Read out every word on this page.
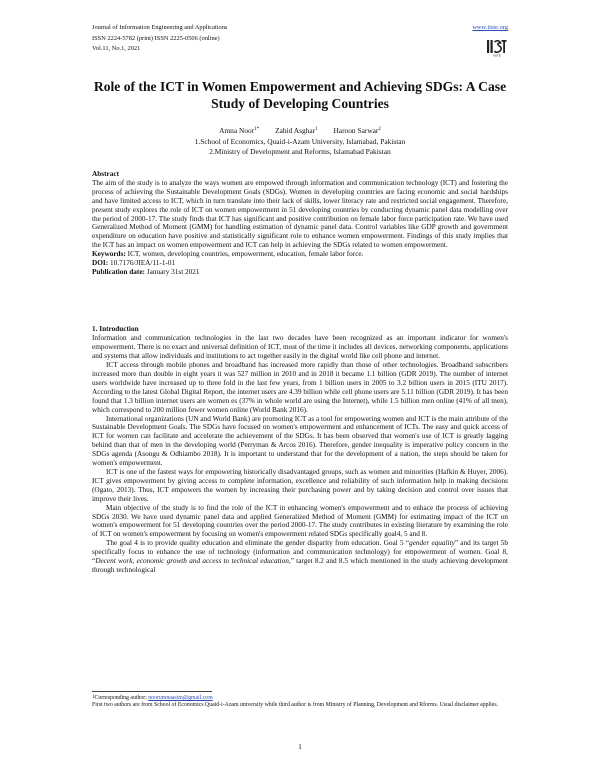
Journal of Information Engineering and Applications
ISSN 2224-5782 (print) ISSN 2225-0506 (online)
Vol.11, No.1, 2021
www.iiste.org
IISTE
Role of the ICT in Women Empowerment and Achieving SDGs: A Case Study of Developing Countries
Amna Noor$^{1*}$ Zahid Asghar$^1$ Haroon Sarwar$^2$
1.School of Economics, Quaid-i-Azam University, Islamabad, Pakistan
2.Ministry of Development and Reforms, Islamabad Pakistan

Abstract

The aim of the study is to analyze the ways women are empowed through information and communication technology (ICT) and fostering the process of achieving the Sustainable Development Goals (SDGs). Women in developing countries are facing economic and social hardships and have limited access to ICT, which in turn translate into their lack of skills, lower literacy rate and restricted social engagement. Therefore, present study explores the role of ICT on women empowerment in 51 developing countries by conducting dynamic panel data modelling over the period of 2000-17. The study finds that ICT has significant and positive contribution on female labor force participation rate. We have used Generalized Method of Moment (GMM) for handling estimation of dynamic panel data. Control variables like GDP growth and government expenditure on education have positive and statistically significant role to enhance women empowerment. Findings of this study implies that the ICT has an impact on women empowerment and ICT can help in achieving the SDGs related to women empowerment.

Keywords: ICT, women, developing countries, empowerment, education, female labor force.

DOI: 10.7176/JIEA/11-1-01

Publication date: January 31st 2021

1. Introduction

Information and communication technologies in the last two decades have been recognized as an important indicator for women's empowerment. There is no exact and universal definition of ICT, most of the time it includes all devices, networking components, applications and systems that allow individuals and institutions to act together easily in the digital world like cell phone and internet.

ICT access through mobile phones and broadband has increased more rapidly than those of other technologies. Broadband subscribers increased more than double in eight years it was 527 million in 2010 and in 2018 it became 1.1 billion (GDR 2019). The number of internet users worldwide have increased up to three fold in the last few years, from 1 billion users in 2005 to 3.2 billion users in 2015 (ITU 2017). According to the latest Global Digital Report, the internet users are 4.39 billion while cell phone users are 5.11 billion (GDR 2019). It has been found that 1.3 billion internet users are women es (37% in whole world are using the Internet), while 1.5 billion men online (41% of all men), which correspond to 200 million fewer women online (World Bank 2016).

International organizations (UN and World Bank) are promoting ICT as a tool for empowering women and ICT is the main attribute of the Sustainable Development Goals. The SDGs have focused on women's empowerment and enhancement of ICTs. The easy and quick access of ICT for women can facilitate and accelerate the achievement of the SDGs. It has been observed that women's use of ICT is greatly lagging behind than that of men in the developing world (Perryman & Arcos 2016). Therefore, gender inequality is imperative policy concern in the SDGs agenda (Asongu & Odhiambo 2018). It is important to understand that for the development of a nation, the steps should be taken for women's empowerment.

ICT is one of the fastest ways for empowering historically disadvantaged groups, such as women and minorities (Hafkin & Huyer, 2006). ICT gives empowerment by giving access to complete information, excellence and reliability of such information help in making decisions (Ogato, 2013). Thus, ICT empowers the women by increasing their purchasing power and by taking decision and control over issues that improve their lives.

Main objective of the study is to find the role of the ICT in enhancing women's empowerment and to enhace the process of achieving SDGs 2030. We have used dynamic panel data and applied Generalized Method of Moment (GMM) for estimating impact of the ICT on women's empowerment for 51 developing countries over the period 2000-17. The study contributes in existing literature by examining the role of ICT on women's empowerment by focusing on women's empowerment related SDGs specifically goal4, 5 and 8.

The goal 4 is to provide quality education and eliminate the gender disparity from education. Goal 5 “gender equality” and its target 5b specifically focus to enhance the use of technology (information and communication technology) for empowerment of women. Goal 8, “Decent work, economic growth and access to technical education,” target 8.2 and 8.5 which mentioned in the study achieving development through technological

$^1$Corresponding author: noorumnaasim@gmail.com
First two authors are from School of Economics Quaid-i-Azam university while third author is from Ministry of Planning, Development and Rforms. Usual disclaimer applies.
1
